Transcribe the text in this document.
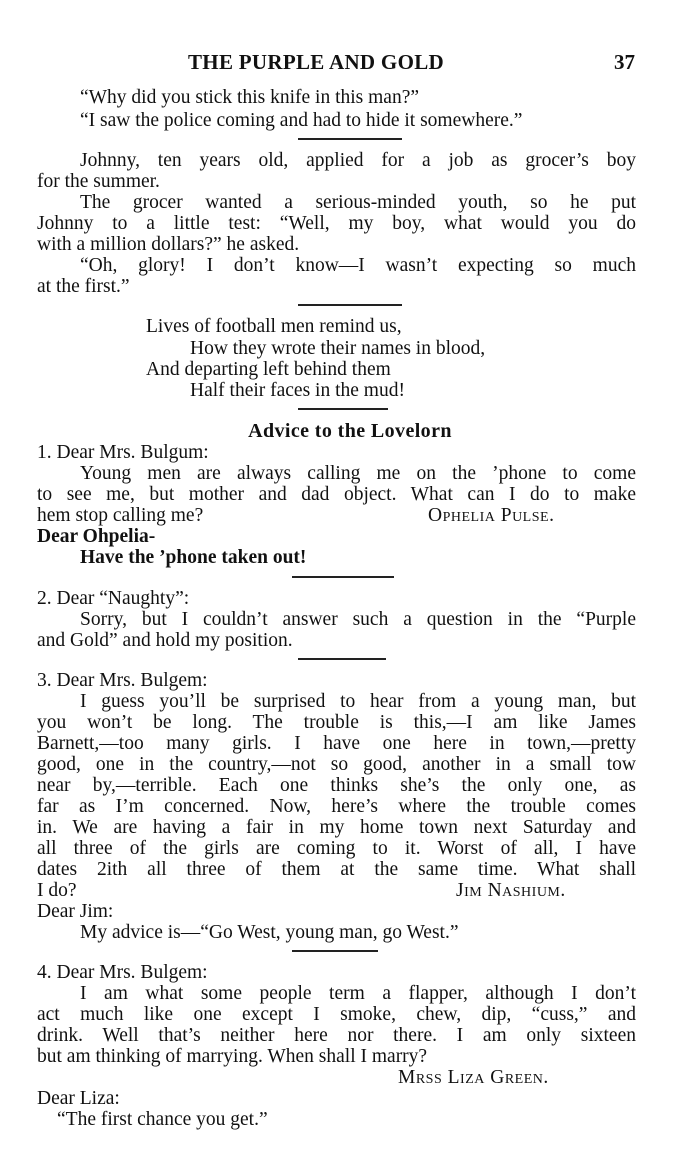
THE PURPLE AND GOLD	37
“Why did you stick this knife in this man?”
“I saw the police coming and had to hide it somewhere.”
Johnny, ten years old, applied for a job as grocer’s boy
for the summer.
The grocer wanted a serious-minded youth, so he put
Johnny to a little test: “Well, my boy, what would you do
with a million dollars?” he asked.
“Oh, glory! I don’t know—I wasn’t expecting so much
at the first.”
Lives of football men remind us,
How they wrote their names in blood,
And departing left behind them
Half their faces in the mud!
Advice to the Lovelorn
1. Dear Mrs. Bulgum:
Young men are always calling me on the ’phone to come
to see me, but mother and dad object. What can I do to make
hem stop calling me?	Ophelia Pulse.
Dear Ohpelia-
Have the ’phone taken out!
2. Dear “Naughty”:
Sorry, but I couldn’t answer such a question in the “Purple
and Gold” and hold my position.
3. Dear Mrs. Bulgem:
I guess you’ll be surprised to hear from a young man, but
you won’t be long. The trouble is this,—I am like James
Barnett,—too many girls. I have one here in town,—pretty
good, one in the country,—not so good, another in a small tow
near by,—terrible. Each one thinks she’s the only one, as
far as I’m concerned. Now, here’s where the trouble comes
in. We are having a fair in my home town next Saturday and
all three of the girls are coming to it. Worst of all, I have
dates 2ith all three of them at the same time. What shall
I do?	Jim Nashium.
Dear Jim:
My advice is—“Go West, young man, go West.”
4. Dear Mrs. Bulgem:
I am what some people term a flapper, although I don’t
act much like one except I smoke, chew, dip, “cuss,” and
drink. Well that’s neither here nor there. I am only sixteen
but am thinking of marrying. When shall I marry?
Mrss Liza Green.
Dear Liza:
“The first chance you get.”
